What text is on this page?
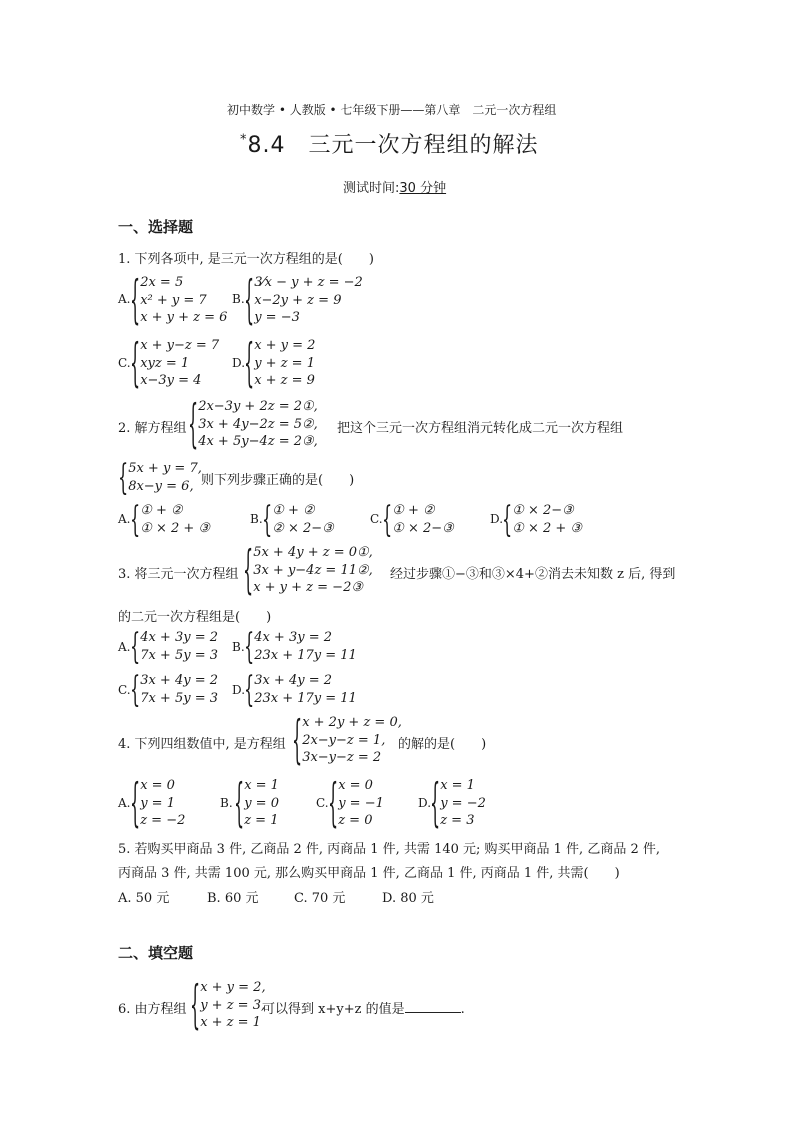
初中数学 • 人教版 • 七年级下册——第八章　二元一次方程组
*8.4　三元一次方程组的解法
测试时间:30 分钟
一、选择题
1. 下列各项中, 是三元一次方程组的是(　　)
A. { 2x = 5
x² + y = 7
x + y + z = 6
B. { 3⁄x − y + z = −2
x−2y + z = 9
y = −3
C. { x + y−z = 7
xyz = 1
x−3y = 4
D.
{ x + y = 2
y + z = 1
x + z = 9
2. 解方程组 { 2x−3y + 2z = 2①,
3x + 4y−2z = 5②,
4x + 5y−4z = 2③,
把这个三元一次方程组消元转化成二元一次方程组
{ 5x + y = 7,
8x−y = 6, 则下列步骤正确的是(　　)
A. { ① + ②
① × 2 + ③
B. { ① + ②
② × 2−③
C. { ① + ②
① × 2−③
D.
{ ① × 2−③
① × 2 + ③
3. 将三元一次方程组 { 5x + 4y + z = 0①,
3x + y−4z = 11②,
x + y + z = −2③
经过步骤①−③和③×4+②消去未知数 z 后, 得到
的二元一次方程组是(　　)
A. { 4x + 3y = 2
7x + 5y = 3
B. { 4x + 3y = 2
23x + 17y = 11
C. { 3x + 4y = 2
7x + 5y = 3
D.
{ 3x + 4y = 2
23x + 17y = 11
4. 下列四组数值中, 是方程组 { x + 2y + z = 0,
2x−y−z = 1,
3x−y−z = 2
的解的是(　　)
A. { x = 0
y = 1
z = −2
B. { x = 1
y = 0
z = 1
C. { x = 0
y = −1
z = 0
D.
{ x = 1
y = −2
z = 3
5. 若购买甲商品 3 件, 乙商品 2 件, 丙商品 1 件, 共需 140 元; 购买甲商品 1 件, 乙商品 2 件,
丙商品 3 件, 共需 100 元, 那么购买甲商品 1 件, 乙商品 1 件, 丙商品 1 件, 共需(　　)
A. 50 元	B. 60 元	C. 70 元	D. 80 元
二、填空题
6. 由方程组 { x + y = 2,
y + z = 3,
x + z = 1
可以得到 x+y+z 的值是	.
